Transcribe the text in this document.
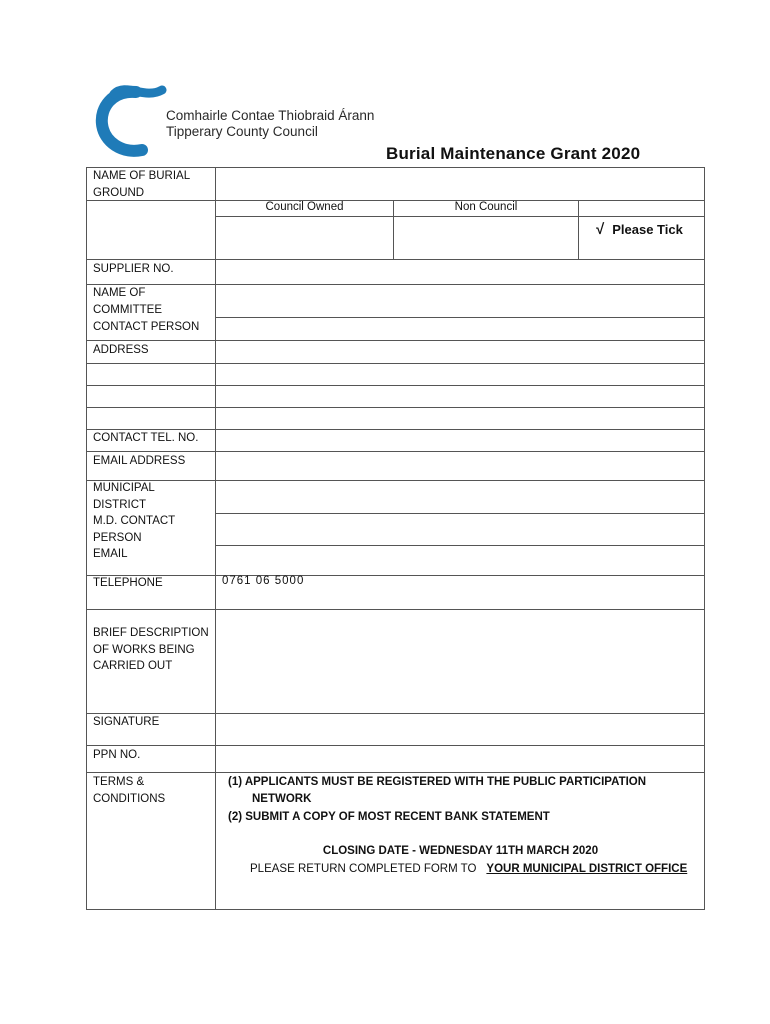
Comhairle Contae Thiobraid Árann
Tipperary County Council
Burial Maintenance Grant 2020
NAME OF BURIAL GROUND
Council Owned	Non Council
√ Please Tick
SUPPLIER NO.
NAME OF COMMITTEE
CONTACT PERSON
ADDRESS
CONTACT TEL. NO.
EMAIL ADDRESS
MUNICIPAL DISTRICT
M.D. CONTACT PERSON
EMAIL
TELEPHONE	0761 06 5000
BRIEF DESCRIPTION OF WORKS BEING CARRIED OUT
SIGNATURE
PPN NO.
TERMS & CONDITIONS

(1) APPLICANTS MUST BE REGISTERED WITH THE PUBLIC PARTICIPATION

NETWORK

(2) SUBMIT A COPY OF MOST RECENT BANK STATEMENT

CLOSING DATE - WEDNESDAY 11TH MARCH 2020
PLEASE RETURN COMPLETED FORM TO YOUR MUNICIPAL DISTRICT OFFICE
